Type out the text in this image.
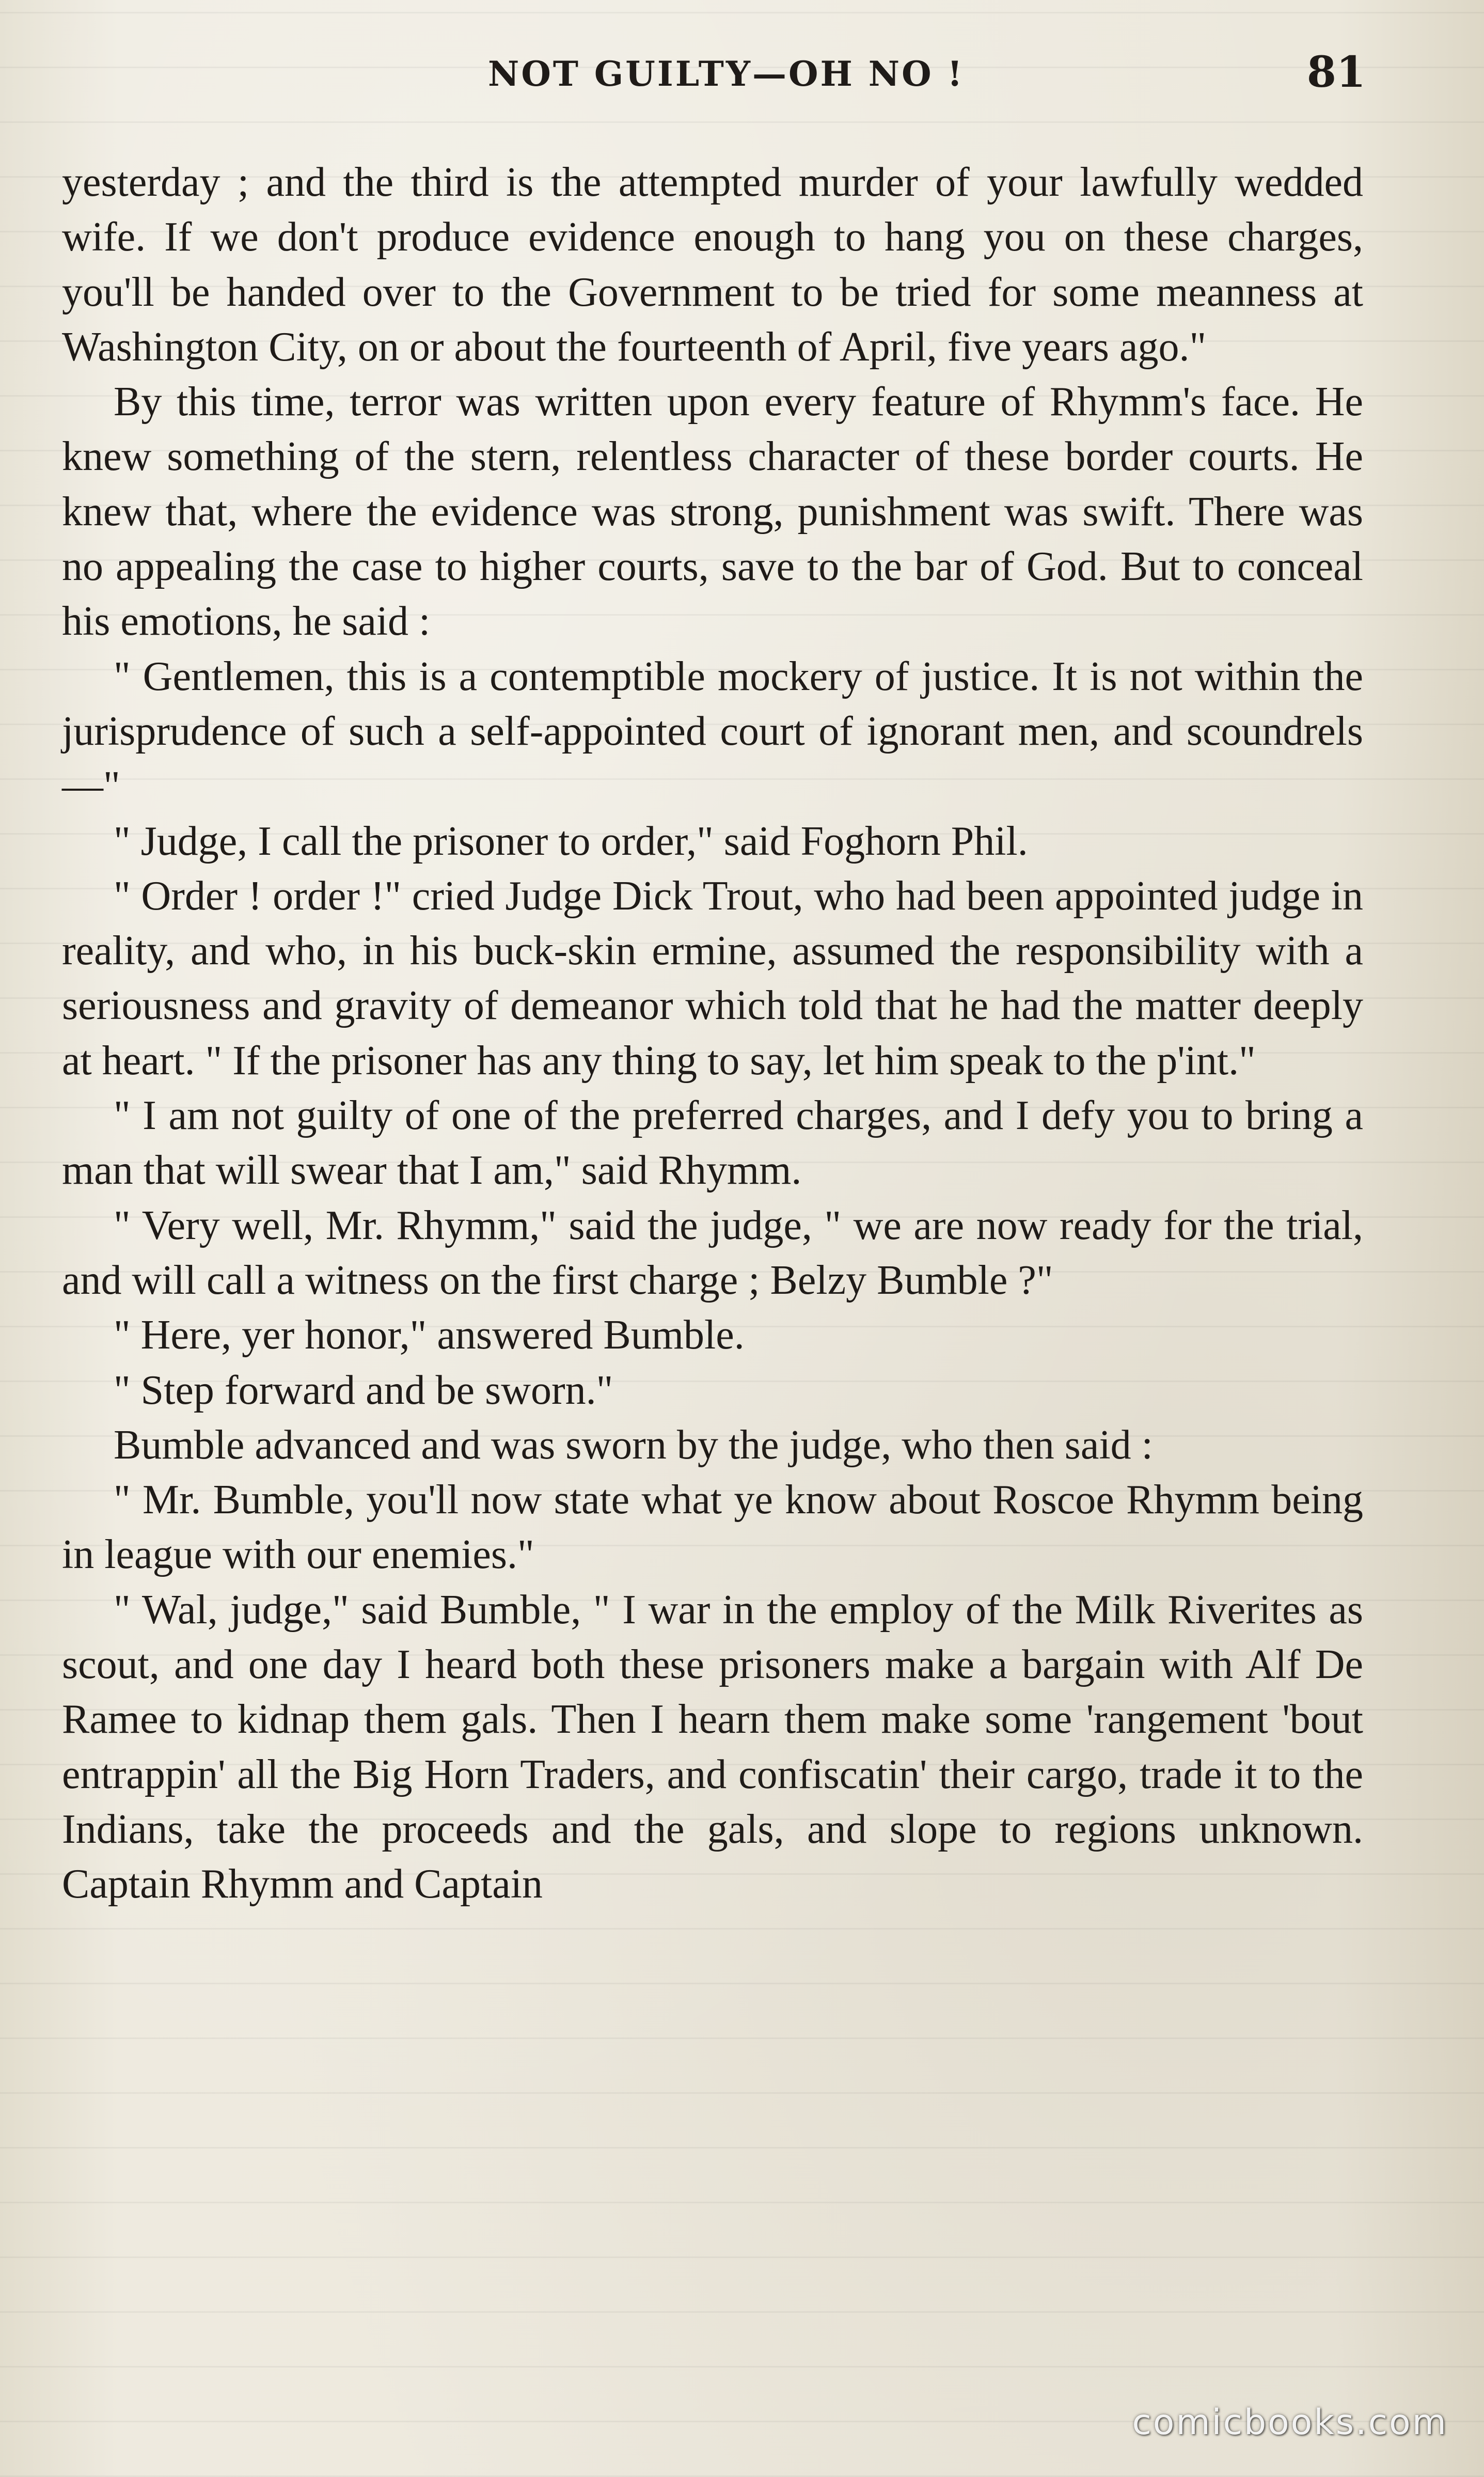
NOT GUILTY—OH NO !	81

yesterday ; and the third is the attempted murder of your lawfully wedded wife. If we don't produce evidence enough to hang you on these charges, you'll be handed over to the Government to be tried for some meanness at Washington City, on or about the fourteenth of April, five years ago."

By this time, terror was written upon every feature of Rhymm's face. He knew something of the stern, relentless character of these border courts. He knew that, where the evidence was strong, punishment was swift. There was no appealing the case to higher courts, save to the bar of God. But to conceal his emotions, he said :

" Gentlemen, this is a contemptible mockery of justice. It is not within the jurisprudence of such a self-appointed court of ignorant men, and scoundrels—"

" Judge, I call the prisoner to order," said Foghorn Phil.

" Order ! order !" cried Judge Dick Trout, who had been appointed judge in reality, and who, in his buck-skin ermine, assumed the responsibility with a seriousness and gravity of demeanor which told that he had the matter deeply at heart. " If the prisoner has any thing to say, let him speak to the p'int."

" I am not guilty of one of the preferred charges, and I defy you to bring a man that will swear that I am," said Rhymm.

" Very well, Mr. Rhymm," said the judge, " we are now ready for the trial, and will call a witness on the first charge ; Belzy Bumble ?"

" Here, yer honor," answered Bumble.

" Step forward and be sworn."

Bumble advanced and was sworn by the judge, who then said :

" Mr. Bumble, you'll now state what ye know about Roscoe Rhymm being in league with our enemies."

" Wal, judge," said Bumble, " I war in the employ of the Milk Riverites as scout, and one day I heard both these prisoners make a bargain with Alf De Ramee to kidnap them gals. Then I hearn them make some 'rangement 'bout entrappin' all the Big Horn Traders, and confiscatin' their cargo, trade it to the Indians, take the proceeds and the gals, and slope to regions unknown. Captain Rhymm and Captain

comicbooks.com
